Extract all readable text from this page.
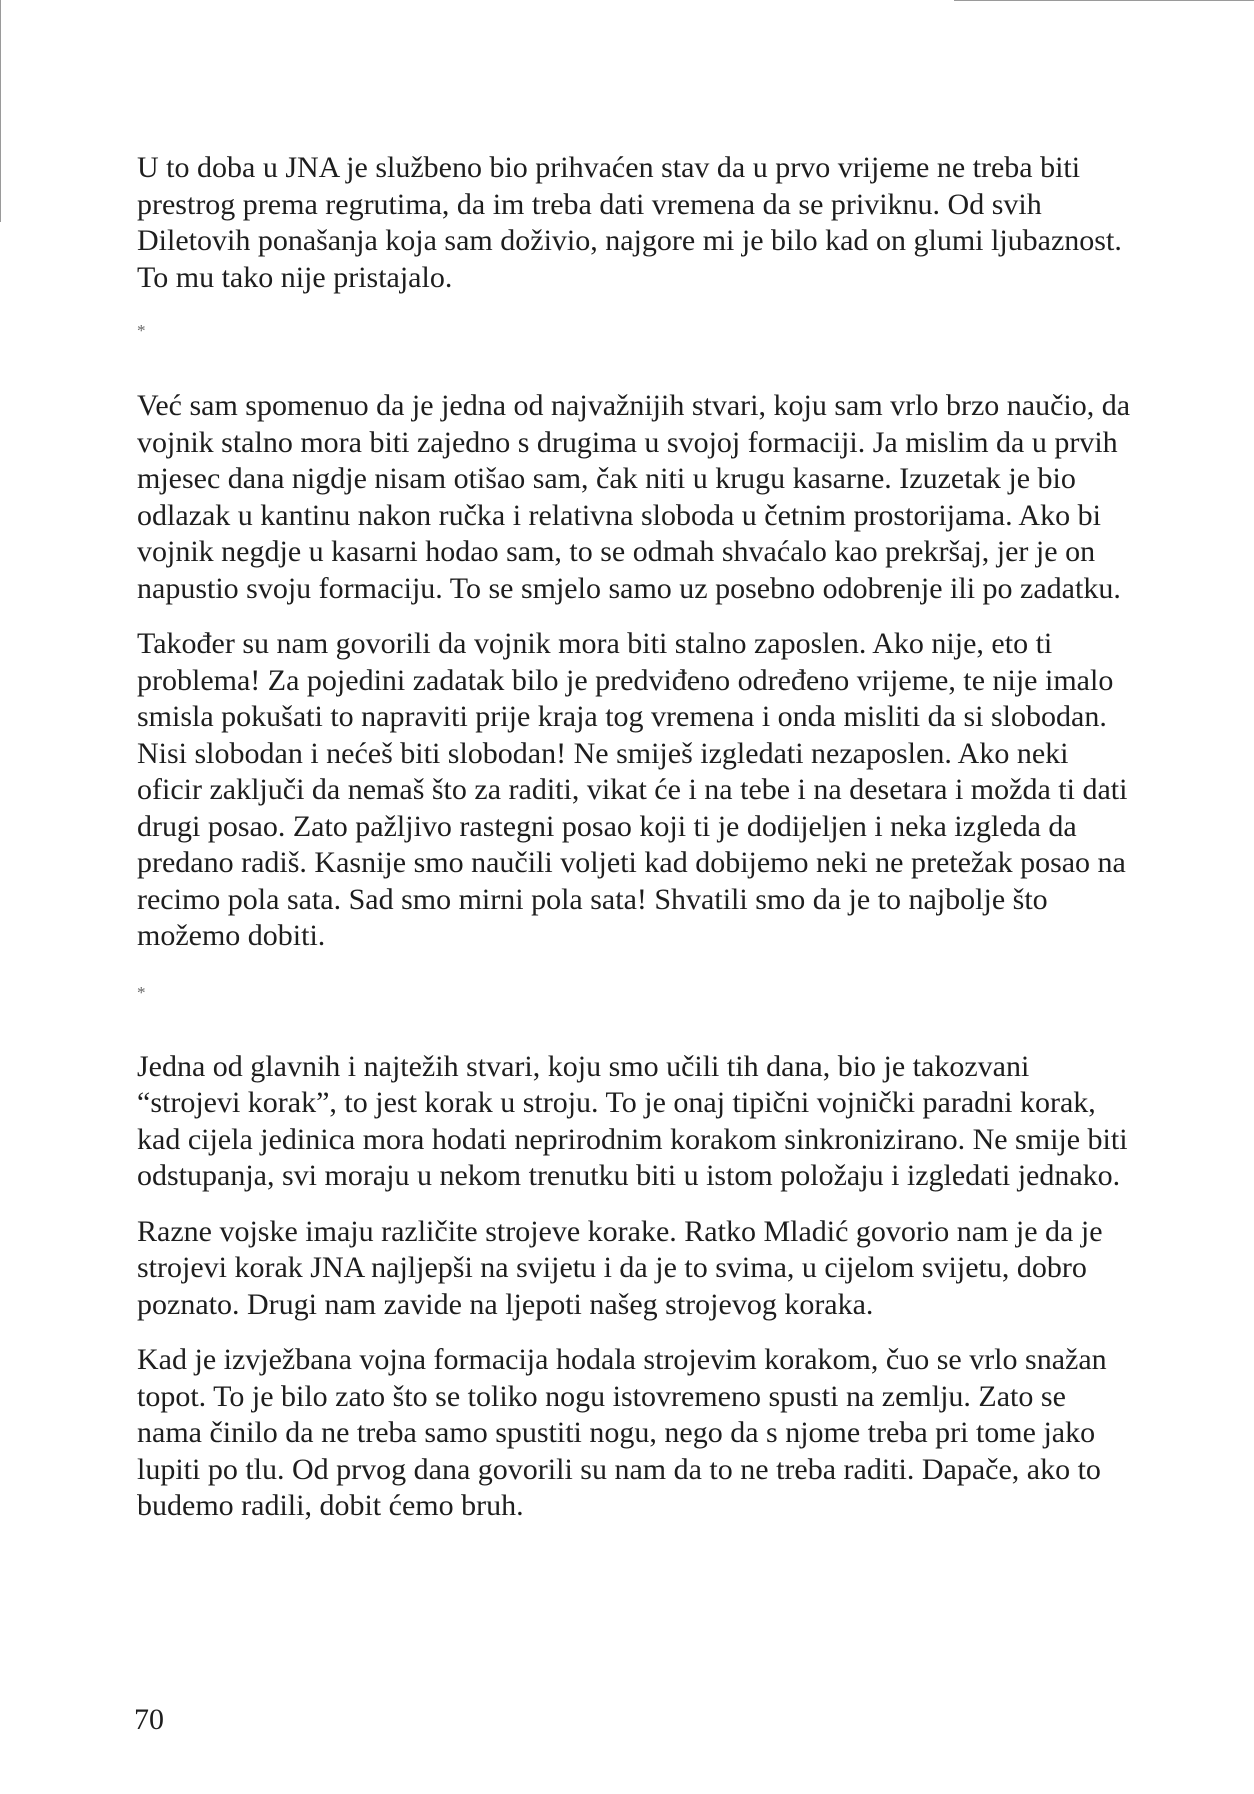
U to doba u JNA je službeno bio prihvaćen stav da u prvo vrijeme ne treba biti prestrog prema regrutima, da im treba dati vremena da se priviknu. Od svih Diletovih ponašanja koja sam doživio, najgore mi je bilo kad on glumi ljubaznost. To mu tako nije pristajalo.

*

Već sam spomenuo da je jedna od najvažnijih stvari, koju sam vrlo brzo naučio, da vojnik stalno mora biti zajedno s drugima u svojoj formaciji. Ja mislim da u prvih mjesec dana nigdje nisam otišao sam, čak niti u krugu kasarne. Izuzetak je bio odlazak u kantinu nakon ručka i relativna sloboda u četnim prostorijama. Ako bi vojnik negdje u kasarni hodao sam, to se odmah shvaćalo kao prekršaj, jer je on napustio svoju formaciju. To se smjelo samo uz posebno odobrenje ili po zadatku.

Također su nam govorili da vojnik mora biti stalno zaposlen. Ako nije, eto ti problema! Za pojedini zadatak bilo je predviđeno određeno vrijeme, te nije imalo smisla pokušati to napraviti prije kraja tog vremena i onda misliti da si slobodan. Nisi slobodan i nećeš biti slobodan! Ne smiješ izgledati nezaposlen. Ako neki oficir zaključi da nemaš što za raditi, vikat će i na tebe i na desetara i možda ti dati drugi posao. Zato pažljivo rastegni posao koji ti je dodijeljen i neka izgleda da predano radiš. Kasnije smo naučili voljeti kad dobijemo neki ne pretežak posao na recimo pola sata. Sad smo mirni pola sata! Shvatili smo da je to najbolje što možemo dobiti.

*

Jedna od glavnih i najtežih stvari, koju smo učili tih dana, bio je takozvani “strojevi korak”, to jest korak u stroju. To je onaj tipični vojnički paradni korak, kad cijela jedinica mora hodati neprirodnim korakom sinkronizirano. Ne smije biti odstupanja, svi moraju u nekom trenutku biti u istom položaju i izgledati jednako.

Razne vojske imaju različite strojeve korake. Ratko Mladić govorio nam je da je strojevi korak JNA najljepši na svijetu i da je to svima, u cijelom svijetu, dobro poznato. Drugi nam zavide na ljepoti našeg strojevog koraka.

Kad je izvježbana vojna formacija hodala strojevim korakom, čuo se vrlo snažan topot. To je bilo zato što se toliko nogu istovremeno spusti na zemlju. Zato se nama činilo da ne treba samo spustiti nogu, nego da s njome treba pri tome jako lupiti po tlu. Od prvog dana govorili su nam da to ne treba raditi. Dapače, ako to budemo radili, dobit ćemo bruh.

70
